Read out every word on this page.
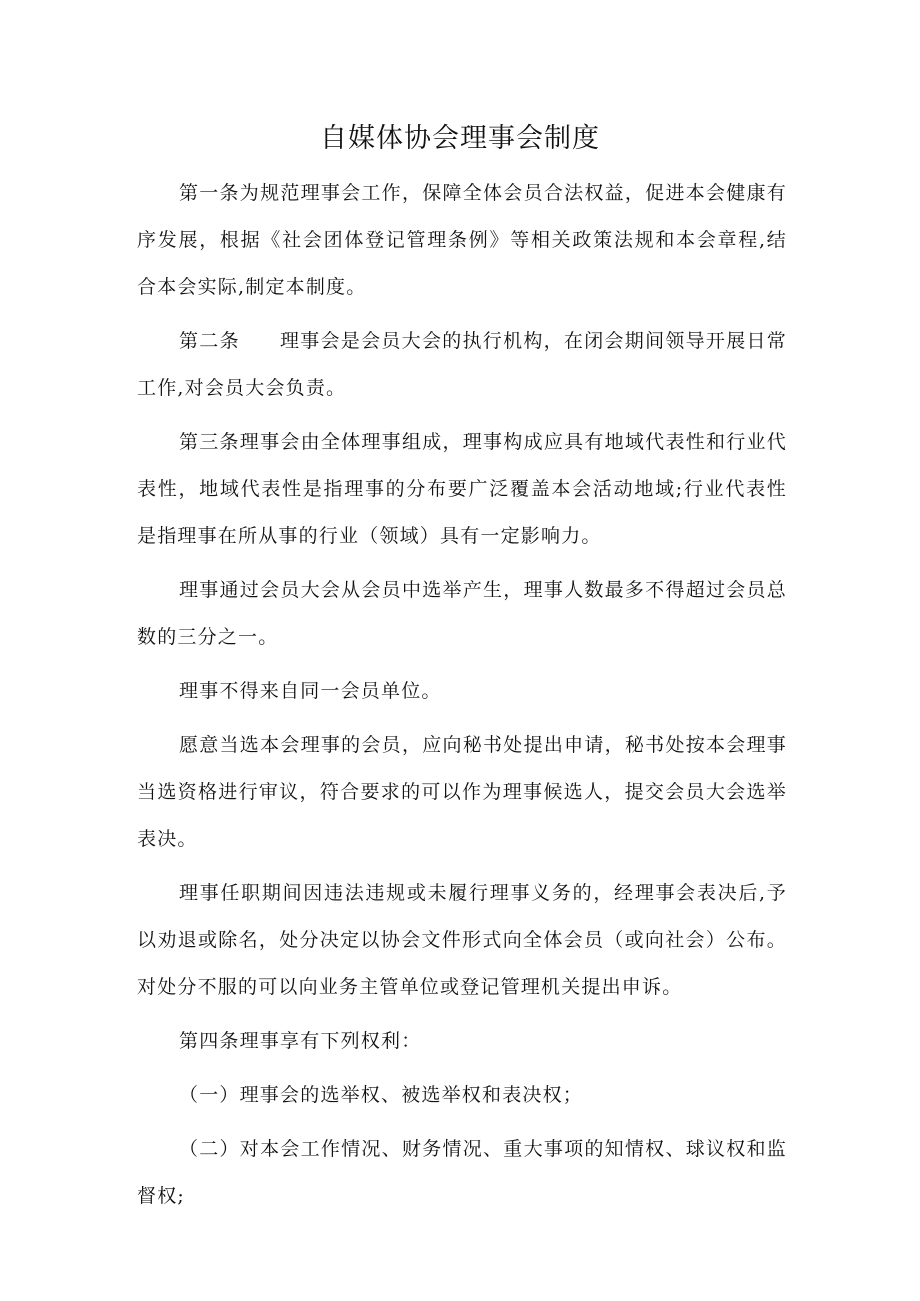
自媒体协会理事会制度

第一条为规范理事会工作，保障全体会员合法权益，促进本会健康有序发展，根据《社会团体登记管理条例》等相关政策法规和本会章程,结合本会实际,制定本制度。

第二条 理事会是会员大会的执行机构，在闭会期间领导开展日常工作,对会员大会负责。

第三条理事会由全体理事组成，理事构成应具有地域代表性和行业代表性，地域代表性是指理事的分布要广泛覆盖本会活动地域;行业代表性是指理事在所从事的行业（领域）具有一定影响力。

理事通过会员大会从会员中选举产生，理事人数最多不得超过会员总数的三分之一。

理事不得来自同一会员单位。

愿意当选本会理事的会员，应向秘书处提出申请，秘书处按本会理事当选资格进行审议，符合要求的可以作为理事候选人，提交会员大会选举表决。

理事任职期间因违法违规或未履行理事义务的，经理事会表决后,予以劝退或除名，处分决定以协会文件形式向全体会员（或向社会）公布。对处分不服的可以向业务主管单位或登记管理机关提出申诉。

第四条理事享有下列权利：

（一）理事会的选举权、被选举权和表决权；

（二）对本会工作情况、财务情况、重大事项的知情权、球议权和监督权;
